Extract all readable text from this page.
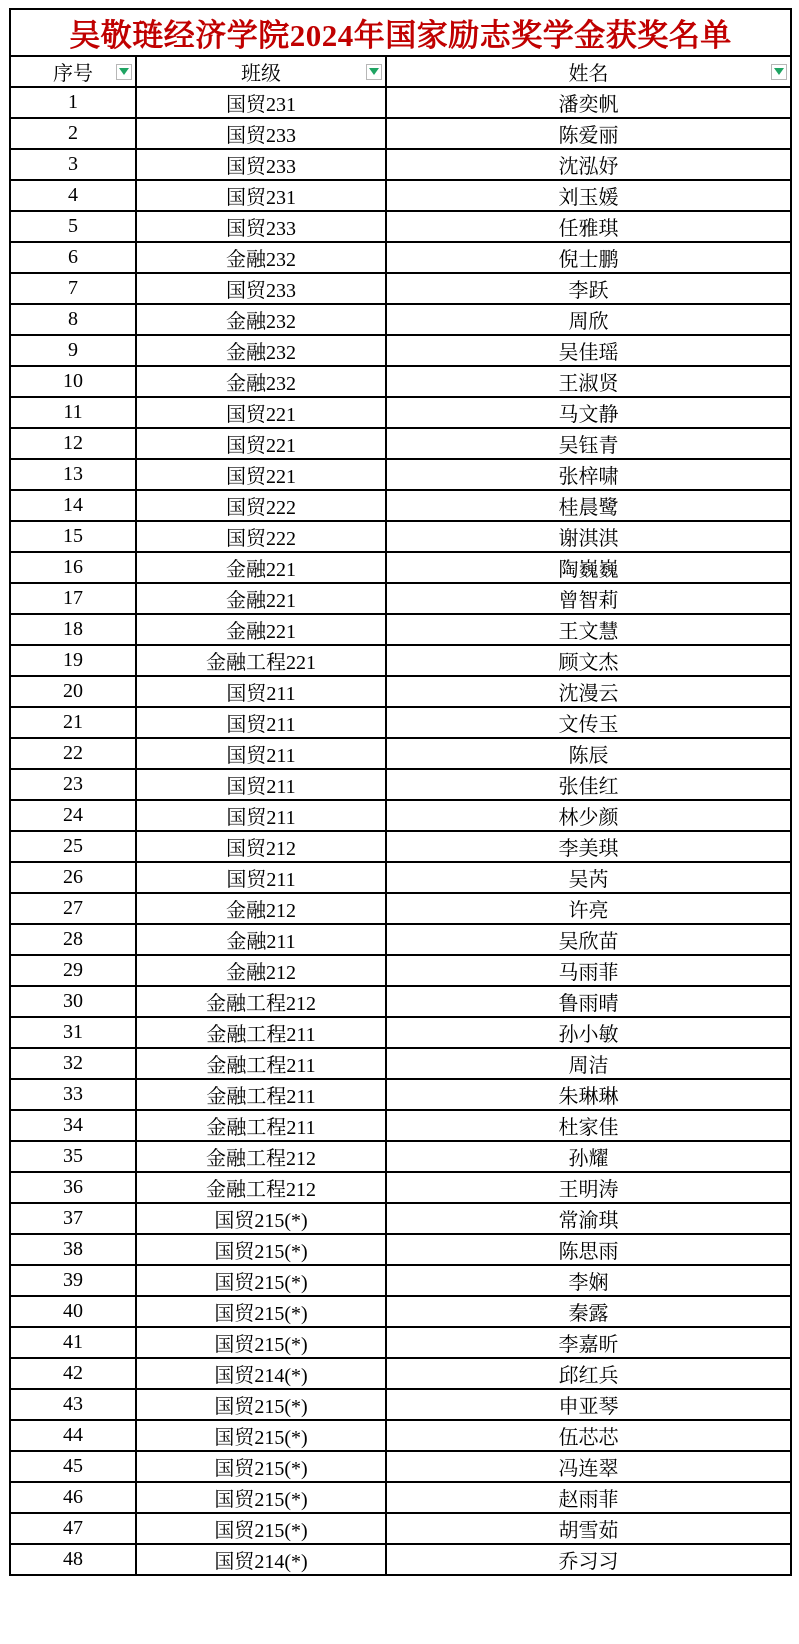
吴敬琏经济学院2024年国家励志奖学金获奖名单		
序号	班级	姓名

1	国贸231	潘奕帆
2	国贸233	陈爱丽
3	国贸233	沈泓妤
4	国贸231	刘玉媛
5	国贸233	任雅琪
6	金融232	倪士鹏
7	国贸233	李跃
8	金融232	周欣
9	金融232	吴佳瑶
10	金融232	王淑贤
11	国贸221	马文静
12	国贸221	吴钰青
13	国贸221	张梓啸
14	国贸222	桂晨鹭
15	国贸222	谢淇淇
16	金融221	陶巍巍
17	金融221	曾智莉
18	金融221	王文慧
19	金融工程221	顾文杰
20	国贸211	沈漫云
21	国贸211	文传玉
22	国贸211	陈辰
23	国贸211	张佳红
24	国贸211	林少颜
25	国贸212	李美琪
26	国贸211	吴芮
27	金融212	许亮
28	金融211	吴欣苗
29	金融212	马雨菲
30	金融工程212	鲁雨晴
31	金融工程211	孙小敏
32	金融工程211	周洁
33	金融工程211	朱琳琳
34	金融工程211	杜家佳
35	金融工程212	孙耀
36	金融工程212	王明涛
37	国贸215(*)	常渝琪
38	国贸215(*)	陈思雨
39	国贸215(*)	李娴
40	国贸215(*)	秦露
41	国贸215(*)	李嘉昕
42	国贸214(*)	邱红兵
43	国贸215(*)	申亚琴
44	国贸215(*)	伍芯芯
45	国贸215(*)	冯连翠
46	国贸215(*)	赵雨菲
47	国贸215(*)	胡雪茹
48	国贸214(*)	乔习习
